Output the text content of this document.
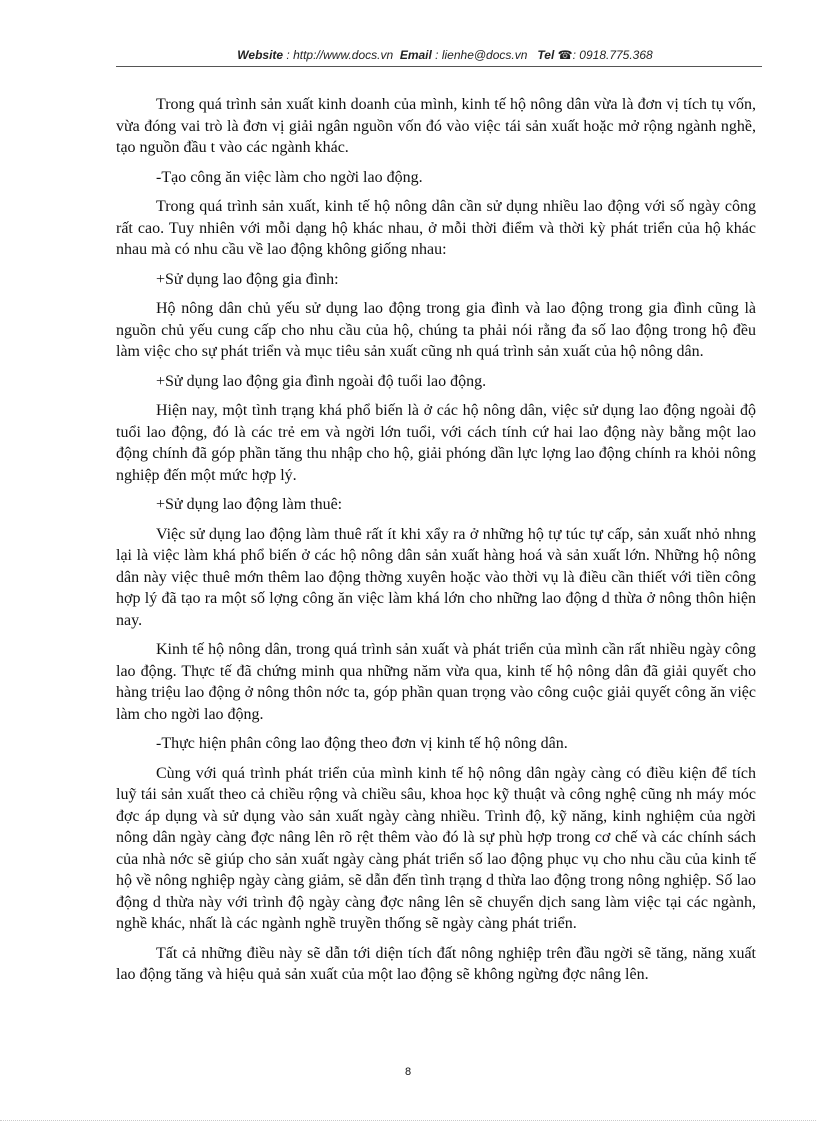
Website : http://www.docs.vn Email : lienhe@docs.vn Tel ☎: 0918.775.368

Trong quá trình sản xuất kinh doanh của mình, kinh tế hộ nông dân vừa là đơn vị tích tụ vốn, vừa đóng vai trò là đơn vị giải ngân nguồn vốn đó vào việc tái sản xuất hoặc mở rộng ngành nghề, tạo nguồn đầu t vào các ngành khác.

-Tạo công ăn việc làm cho ngời lao động.

Trong quá trình sản xuất, kinh tế hộ nông dân cần sử dụng nhiều lao động với số ngày công rất cao. Tuy nhiên với mỗi dạng hộ khác nhau, ở mỗi thời điểm và thời kỳ phát triển của hộ khác nhau mà có nhu cầu về lao động không giống nhau:

+Sử dụng lao động gia đình:

Hộ nông dân chủ yếu sử dụng lao động trong gia đình và lao động trong gia đình cũng là nguồn chủ yếu cung cấp cho nhu cầu của hộ, chúng ta phải nói rằng đa số lao động trong hộ đều làm việc cho sự phát triển và mục tiêu sản xuất cũng nh quá trình sản xuất của hộ nông dân.

+Sử dụng lao động gia đình ngoài độ tuổi lao động.

Hiện nay, một tình trạng khá phổ biến là ở các hộ nông dân, việc sử dụng lao động ngoài độ tuổi lao động, đó là các trẻ em và ngời lớn tuổi, với cách tính cứ hai lao động này bằng một lao động chính đã góp phần tăng thu nhập cho hộ, giải phóng dần lực lợng lao động chính ra khỏi nông nghiệp đến một mức hợp lý.

+Sử dụng lao động làm thuê:

Việc sử dụng lao động làm thuê rất ít khi xẩy ra ở những hộ tự túc tự cấp, sản xuất nhỏ nhng lại là việc làm khá phổ biến ở các hộ nông dân sản xuất hàng hoá và sản xuất lớn. Những hộ nông dân này việc thuê mớn thêm lao động thờng xuyên hoặc vào thời vụ là điều cần thiết với tiền công hợp lý đã tạo ra một số lợng công ăn việc làm khá lớn cho những lao động d thừa ở nông thôn hiện nay.

Kinh tế hộ nông dân, trong quá trình sản xuất và phát triển của mình cần rất nhiều ngày công lao động. Thực tế đã chứng minh qua những năm vừa qua, kinh tế hộ nông dân đã giải quyết cho hàng triệu lao động ở nông thôn nớc ta, góp phần quan trọng vào công cuộc giải quyết công ăn việc làm cho ngời lao động.

-Thực hiện phân công lao động theo đơn vị kinh tế hộ nông dân.

Cùng với quá trình phát triển của mình kinh tế hộ nông dân ngày càng có điều kiện để tích luỹ tái sản xuất theo cả chiều rộng và chiều sâu, khoa học kỹ thuật và công nghệ cũng nh máy móc đợc áp dụng và sử dụng vào sản xuất ngày càng nhiều. Trình độ, kỹ năng, kinh nghiệm của ngời nông dân ngày càng đợc nâng lên rõ rệt thêm vào đó là sự phù hợp trong cơ chế và các chính sách của nhà nớc sẽ giúp cho sản xuất ngày càng phát triển số lao động phục vụ cho nhu cầu của kinh tế hộ về nông nghiệp ngày càng giảm, sẽ dẫn đến tình trạng d thừa lao động trong nông nghiệp. Số lao động d thừa này với trình độ ngày càng đợc nâng lên sẽ chuyển dịch sang làm việc tại các ngành, nghề khác, nhất là các ngành nghề truyền thống sẽ ngày càng phát triển.

Tất cả những điều này sẽ dẫn tới diện tích đất nông nghiệp trên đầu ngời sẽ tăng, năng xuất lao động tăng và hiệu quả sản xuất của một lao động sẽ không ngừng đợc nâng lên.

8
